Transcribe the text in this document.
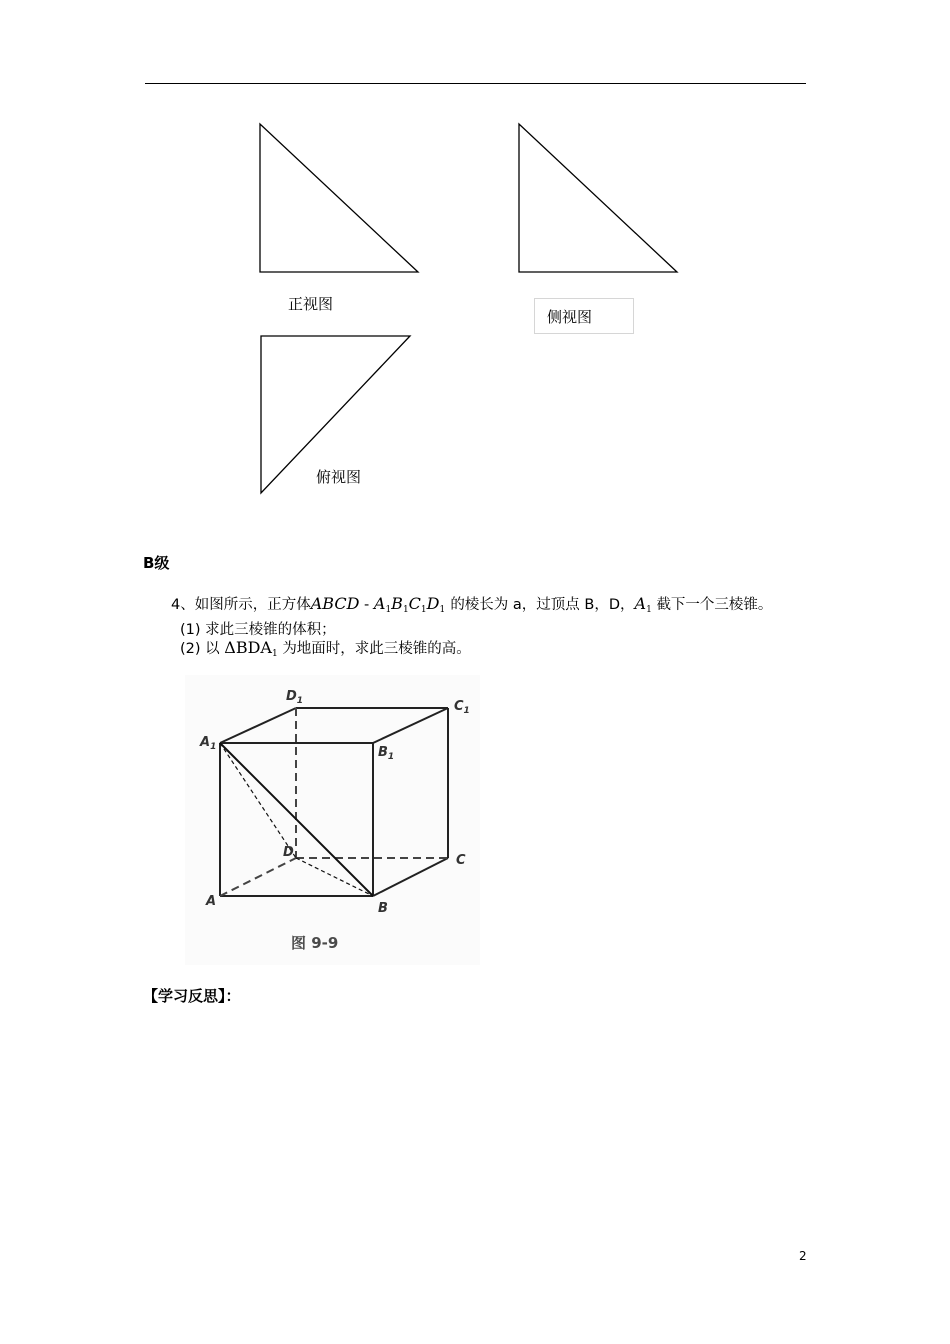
正视图
侧视图
俯视图
B级
4、如图所示，正方体ABCD - $A_1B_1C_1D_1$ 的棱长为 a，过顶点 B，D，$A_1$ 截下一个三棱锥。
(1) 求此三棱锥的体积；
(2) 以 $\Delta BDA_1$ 为地面时，求此三棱锥的高。
$D_1$	$C_1$
$A_1$	$B_1$
D
C
A	B
图 9-9
【学习反思】：
2
